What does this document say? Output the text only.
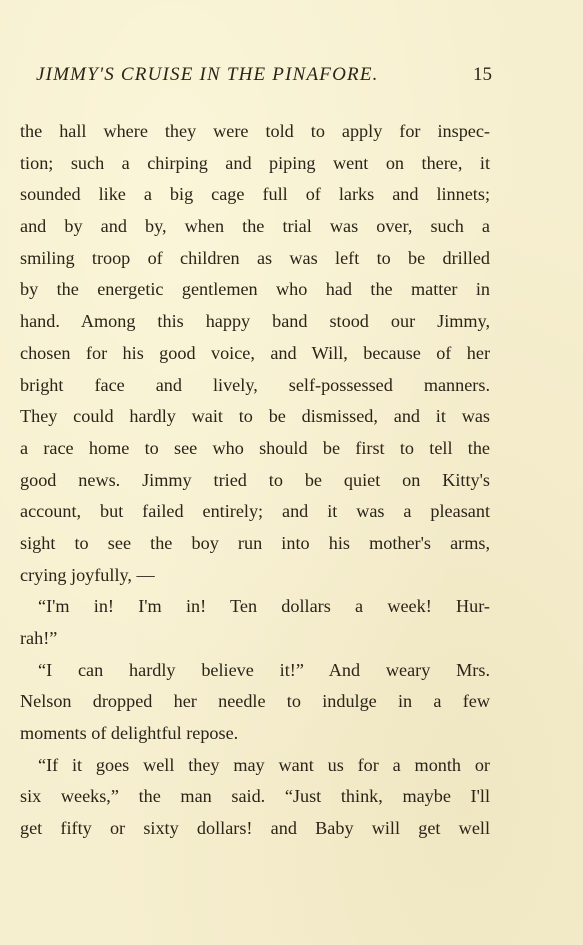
JIMMY'S CRUISE IN THE PINAFORE.	15
the hall where they were told to apply for inspec-
tion; such a chirping and piping went on there, it
sounded like a big cage full of larks and linnets;
and by and by, when the trial was over, such a
smiling troop of children as was left to be drilled
by the energetic gentlemen who had the matter in
hand. Among this happy band stood our Jimmy,
chosen for his good voice, and Will, because of her
bright face and lively, self-possessed manners.
They could hardly wait to be dismissed, and it was
a race home to see who should be first to tell the
good news. Jimmy tried to be quiet on Kitty's
account, but failed entirely; and it was a pleasant
sight to see the boy run into his mother's arms,
crying joyfully, —
“I'm in! I'm in! Ten dollars a week! Hur-
rah!”
“I can hardly believe it!” And weary Mrs.
Nelson dropped her needle to indulge in a few
moments of delightful repose.
“If it goes well they may want us for a month or
six weeks,” the man said. “Just think, maybe I'll
get fifty or sixty dollars! and Baby will get well
